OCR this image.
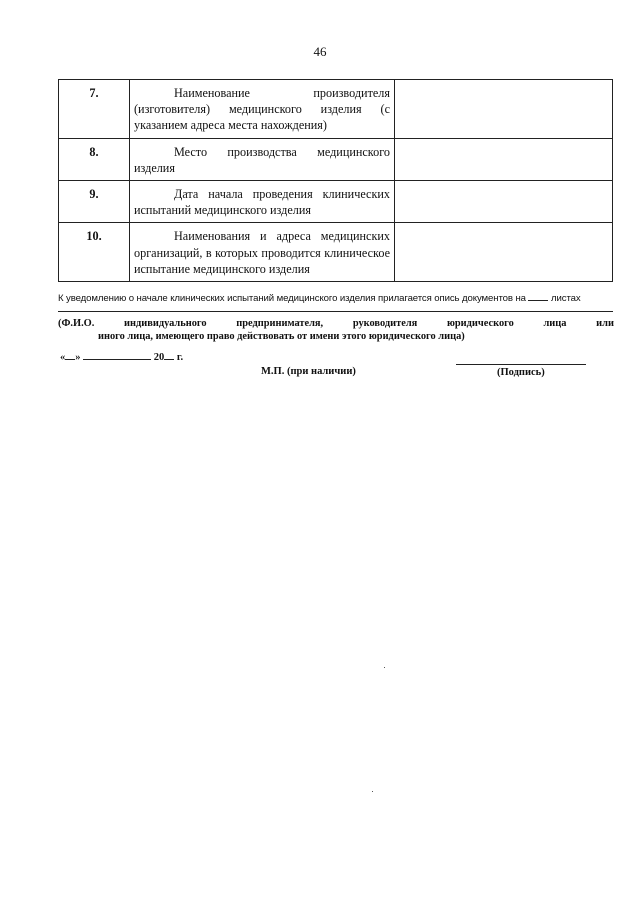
46
7.	Наименование производителя (изготовителя) медицинского изделия (с указанием адреса места нахождения)	

8.	Место производства медицинского изделия	

9.	Дата начала проведения клинических испытаний медицинского изделия	

10.	Наименования и адреса медицинских организаций, в которых проводится клиническое испытание медицинского изделия	

К уведомлению о начале клинических испытаний медицинского изделия прилагается опись документов на	листах
(Ф.И.О.	индивидуального	предпринимателя,	руководителя	юридического	лица	или
иного лица, имеющего право действовать от имени этого юридического лица)
« »	20 г.
М.П. (при наличии)	(Подпись)
